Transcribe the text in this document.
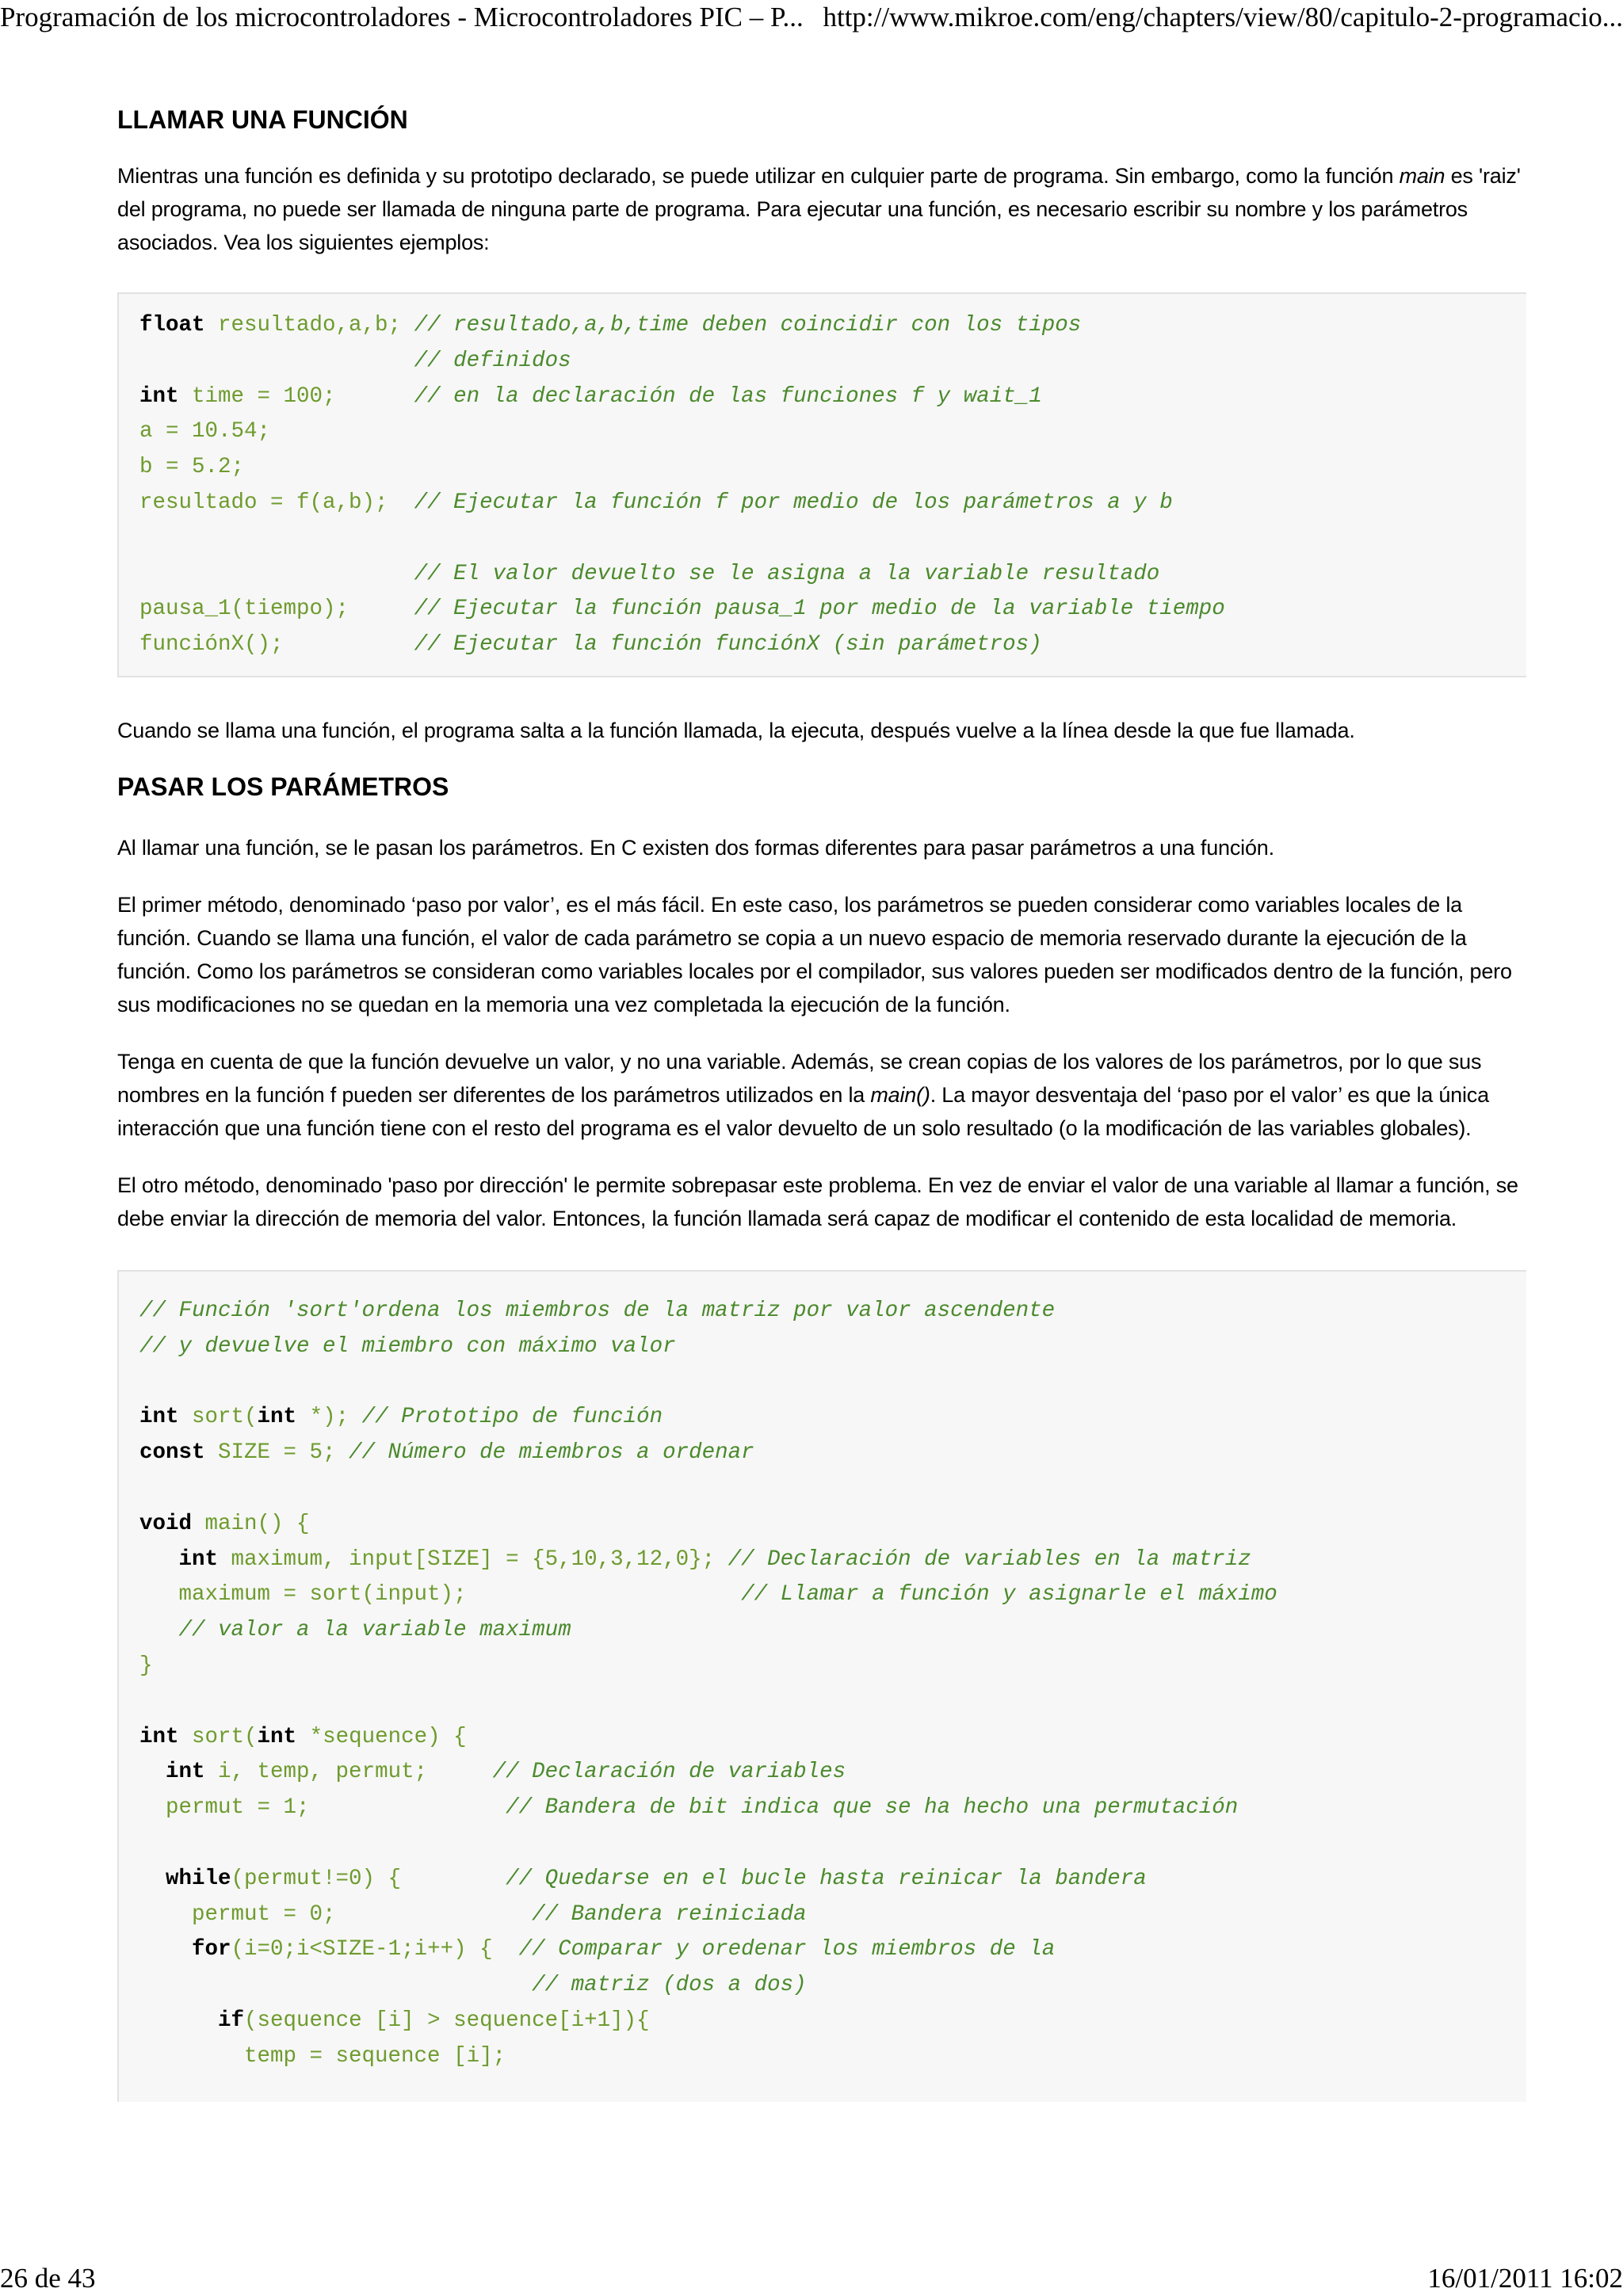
Programación de los microcontroladores - Microcontroladores PIC – P... http://www.mikroe.com/eng/chapters/view/80/capitulo-2-programacio...
LLAMAR UNA FUNCIÓN

Mientras una función es definida y su prototipo declarado, se puede utilizar en culquier parte de programa. Sin embargo, como la función main es 'raiz' del programa, no puede ser llamada de ninguna parte de programa. Para ejecutar una función, es necesario escribir su nombre y los parámetros asociados. Vea los siguientes ejemplos:

float resultado,a,b; // resultado,a,b,time deben coincidir con los tipos
// definidos
int time = 100;      // en la declaración de las funciones f y wait_1
a = 10.54;
b = 5.2;
resultado = f(a,b);  // Ejecutar la función f por medio de los parámetros a y b

// El valor devuelto se le asigna a la variable resultado
pausa_1(tiempo);     // Ejecutar la función pausa_1 por medio de la variable tiempo
funciónX();          // Ejecutar la función funciónX (sin parámetros)

Cuando se llama una función, el programa salta a la función llamada, la ejecuta, después vuelve a la línea desde la que fue llamada.

PASAR LOS PARÁMETROS

Al llamar una función, se le pasan los parámetros. En C existen dos formas diferentes para pasar parámetros a una función.

El primer método, denominado ‘paso por valor’, es el más fácil. En este caso, los parámetros se pueden considerar como variables locales de la función. Cuando se llama una función, el valor de cada parámetro se copia a un nuevo espacio de memoria reservado durante la ejecución de la función. Como los parámetros se consideran como variables locales por el compilador, sus valores pueden ser modificados dentro de la función, pero sus modificaciones no se quedan en la memoria una vez completada la ejecución de la función.

Tenga en cuenta de que la función devuelve un valor, y no una variable. Además, se crean copias de los valores de los parámetros, por lo que sus nombres en la función f pueden ser diferentes de los parámetros utilizados en la main(). La mayor desventaja del ‘paso por el valor’ es que la única interacción que una función tiene con el resto del programa es el valor devuelto de un solo resultado (o la modificación de las variables globales).

El otro método, denominado 'paso por dirección' le permite sobrepasar este problema. En vez de enviar el valor de una variable al llamar a función, se debe enviar la dirección de memoria del valor. Entonces, la función llamada será capaz de modificar el contenido de esta localidad de memoria.

// Función 'sort'ordena los miembros de la matriz por valor ascendente
// y devuelve el miembro con máximo valor

int sort(int *); // Prototipo de función
const SIZE = 5; // Número de miembros a ordenar

void main() {
int maximum, input[SIZE] = {5,10,3,12,0}; // Declaración de variables en la matriz
maximum = sort(input);                     // Llamar a función y asignarle el máximo
// valor a la variable maximum
}

int sort(int *sequence) {
int i, temp, permut;     // Declaración de variables
permut = 1;               // Bandera de bit indica que se ha hecho una permutación

while(permut!=0) {        // Quedarse en el bucle hasta reinicar la bandera
permut = 0;               // Bandera reiniciada
for(i=0;i<SIZE-1;i++) {  // Comparar y oredenar los miembros de la
// matriz (dos a dos)
if(sequence [i] > sequence[i+1]){
temp = sequence [i];

26 de 43	16/01/2011 16:02
